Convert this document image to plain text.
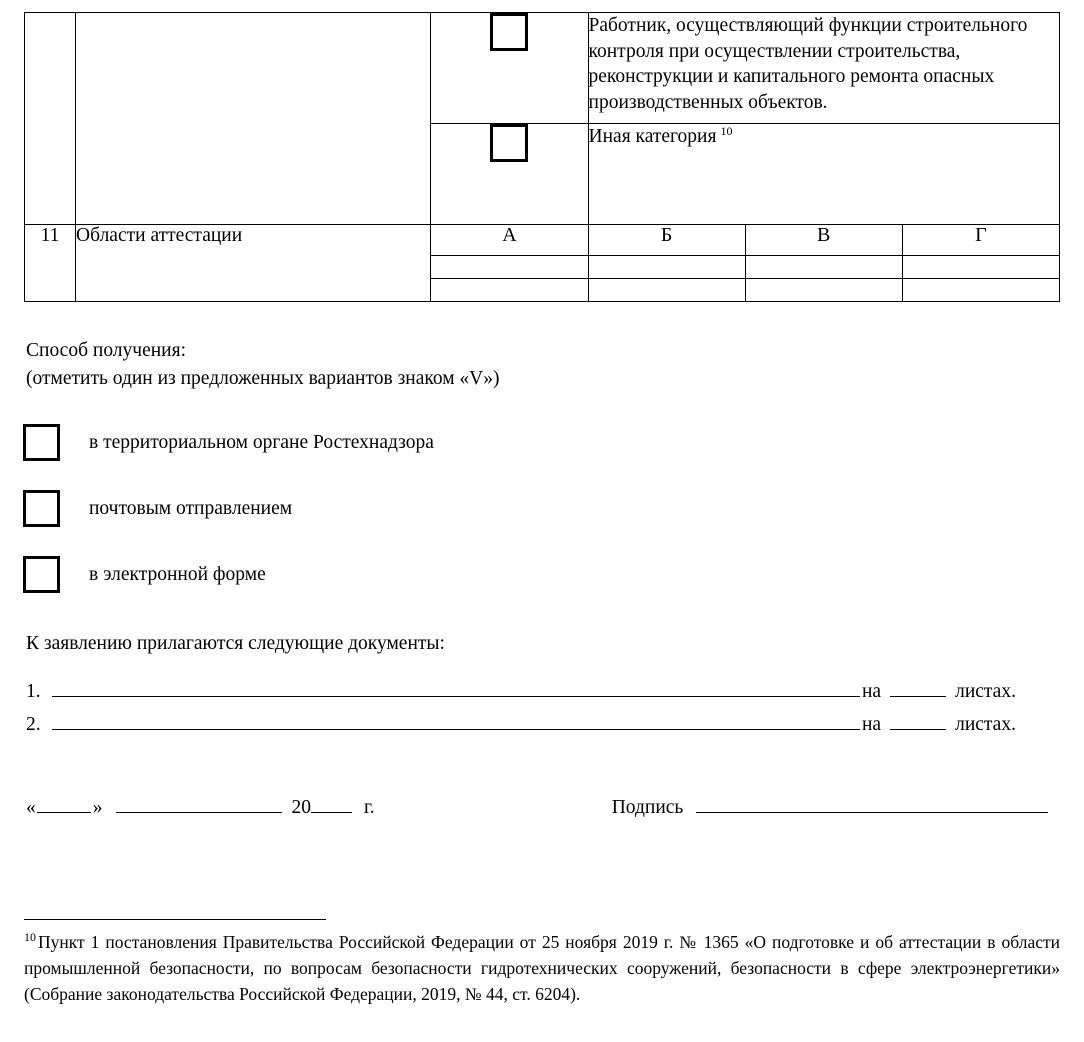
			Работник, осуществляющий функции строительного контроля при осуществлении строительства, реконструкции и капитального ремонта опасных производственных объектов.		
			Иная категория $^{10}$
11	Области аттестации	А	Б	В	Г

Способ получения:
(отметить один из предложенных вариантов знаком «V»)
в территориальном органе Ростехнадзора
почтовым отправлением
в электронной форме
К заявлению прилагаются следующие документы:
1.	на	листах.
2.	на	листах.
«	»	20	г.	Подпись
$^{10}$ Пункт 1 постановления Правительства Российской Федерации от 25 ноября 2019 г. № 1365 «О подготовке и об аттестации в области промышленной безопасности, по вопросам безопасности гидротехнических сооружений, безопасности в сфере электроэнергетики» (Собрание законодательства Российской Федерации, 2019, № 44, ст. 6204).
